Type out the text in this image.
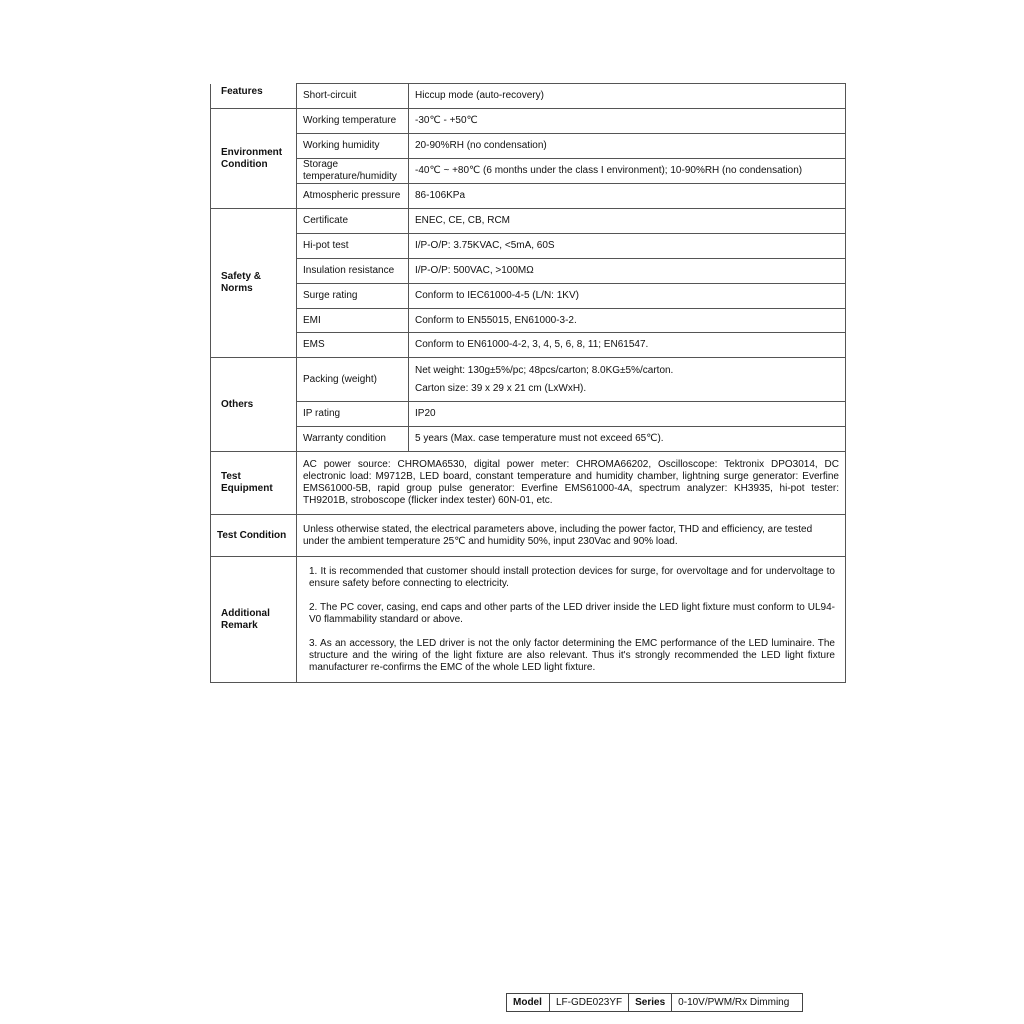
Features	Short-circuit	Hiccup mode (auto-recovery)
Environment Condition	Working temperature	-30℃ - +50℃
	Working humidity	20-90%RH (no condensation)
	Storage temperature/humidity	-40℃ ~ +80℃ (6 months under the class I environment); 10-90%RH (no condensation)
	Atmospheric pressure	86-106KPa
Safety & Norms	Certificate	ENEC, CE, CB, RCM
	Hi-pot test	I/P-O/P: 3.75KVAC, <5mA, 60S
	Insulation resistance	I/P-O/P: 500VAC, >100MΩ
	Surge rating	Conform to IEC61000-4-5 (L/N: 1KV)
	EMI	Conform to EN55015, EN61000-3-2.
	EMS	Conform to EN61000-4-2, 3, 4, 5, 6, 8, 11; EN61547.
Others	Packing (weight)	Net weight: 130g±5%/pc; 48pcs/carton; 8.0KG±5%/carton.

Carton size: 39 x 29 x 21 cm (LxWxH).

	IP rating	IP20
	Warranty condition	5 years (Max. case temperature must not exceed 65℃).
Test Equipment	AC power source: CHROMA6530, digital power meter: CHROMA66202, Oscilloscope: Tektronix DPO3014, DC electronic load: M9712B, LED board, constant temperature and humidity chamber, lightning surge generator: Everfine EMS61000-5B, rapid group pulse generator: Everfine EMS61000-4A, spectrum analyzer: KH3935, hi-pot tester: TH9201B, stroboscope (flicker index tester) 60N-01, etc.	
Test Condition	Unless otherwise stated, the electrical parameters above, including the power factor, THD and efficiency, are tested
under the ambient temperature 25℃ and humidity 50%, input 230Vac and 90% load.	

Additional Remark	1. It is recommended that customer should install protection devices for surge, for overvoltage and for undervoltage to ensure safety before connecting to electricity.

2. The PC cover, casing, end caps and other parts of the LED driver inside the LED light fixture must conform to UL94-V0 flammability standard or above.

3. As an accessory, the LED driver is not the only factor determining the EMC performance of the LED luminaire. The structure and the wiring of the light fixture are also relevant. Thus it's strongly recommended the LED light fixture manufacturer re-confirms the EMC of the whole LED light fixture.	

Model	LF-GDE023YF	Series	0-10V/PWM/Rx Dimming
